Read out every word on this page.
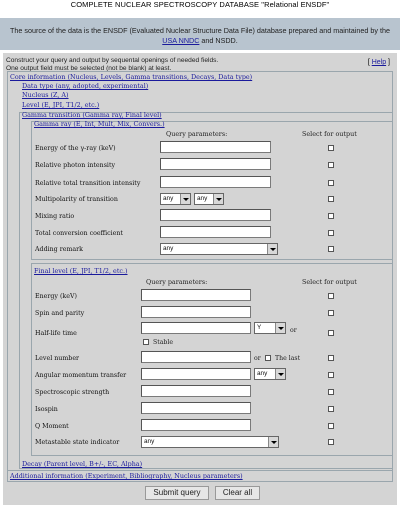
COMPLETE NUCLEAR SPECTROSCOPY DATABASE "Relational ENSDF"
The source of the data is the ENSDF (Evaluated Nuclear Structure Data File) database prepared and maintained by the USA NNDC and NSDD.
Construct your query and output by sequental openings of needed fields.
One output field must be selected (not be blank) at least.
[ Help ]
Core information (Nucleus, Levels, Gamma transitions, Decays, Data type)
Data type (any, adopted, experimental)
Nucleus (Z, A)
Level (E, JPI, T1/2, etc.)
Gamma transition (Gamma ray, Final level)
Gamma ray (E, Int, Mult, Mix, Convers.)
Query parameters:	Select for output
Energy of the γ-ray (keV)
Relative photon intensity
Relative total transition intensity
Multipolarity of transition	any	any
Mixing ratio
Total conversion coefficient
Adding remark	any
Final level (E, JPI, T1/2, etc.)
Query parameters:	Select for output
Energy (keV)
Spin and parity
Half-life time
Y	or
Stable
Level number	or The last
Angular momentum transfer	any
Spectroscopic strength
Isospin
Q Moment
Metastable state indicator	any
Decay (Parent level, B+/-, EC, Alpha)
Additional information (Experiment, Bibliography, Nucleus parameters)
Submit query	Clear all
